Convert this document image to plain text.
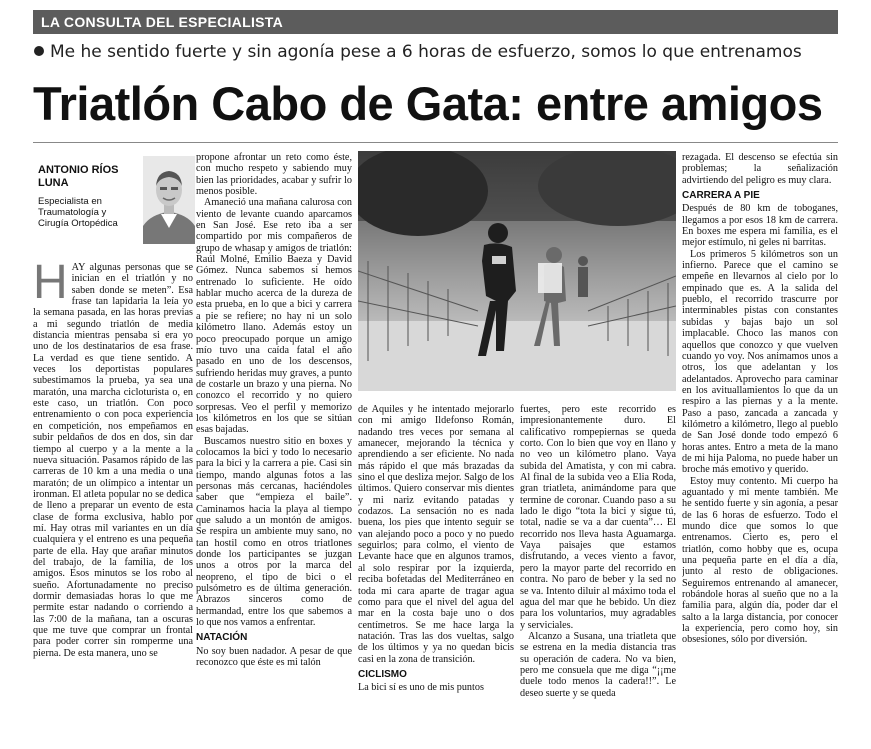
LA CONSULTA DEL ESPECIALISTA
Me he sentido fuerte y sin agonía pese a 6 horas de esfuerzo, somos lo que entrenamos
Triatlón Cabo de Gata: entre amigos
ANTONIO RÍOS LUNA
Especialista en Traumatología y Cirugía Ortopédica
H AY algunas personas que se inician en el triatlón y no saben donde se meten”. Esa frase tan lapidaria la leía yo la semana pasada, en las horas previas a mi segundo triatlón de media distancia mientras pensaba si era yo uno de los destinatarios de esa frase. La verdad es que tiene sentido. A veces los deportistas populares subestimamos la prueba, ya sea una maratón, una marcha cicloturista o, en este caso, un triatlón. Con poco entrenamiento o con poca experiencia en competición, nos empeñamos en subir peldaños de dos en dos, sin dar tiempo al cuerpo y a la mente a la nueva situación. Pasamos rápido de las carreras de 10 km a una media o una maratón; de un olímpico a intentar un ironman. El atleta popular no se dedica de lleno a preparar un evento de esta clase de forma exclusiva, hablo por mí. Hay otras mil variantes en un día cualquiera y el entreno es una pequeña parte de ella. Hay que arañar minutos del trabajo, de la familia, de los amigos. Esos minutos se los robo al sueño. Afortunadamente no preciso dormir demasiadas horas lo que me permite estar nadando o corriendo a las 7:00 de la mañana, tan a oscuras que me tuve que comprar un frontal para poder correr sin romperme una pierna. De esta manera, uno se

propone afrontar un reto como éste, con mucho respeto y sabiendo muy bien las prioridades, acabar y sufrir lo menos posible.

Amaneció una mañana calurosa con viento de levante cuando aparcamos en San José. Ese reto iba a ser compartido por mis compañeros de grupo de whasap y amigos de triatlón: Raúl Molné, Emilio Baeza y David Gómez. Nunca sabemos si hemos entrenado lo suficiente. He oído hablar mucho acerca de la dureza de esta prueba, en lo que a bici y carrera a pie se refiere; no hay ni un solo kilómetro llano. Además estoy un poco preocupado porque un amigo mío tuvo una caída fatal el año pasado en uno de los descensos, sufriendo heridas muy graves, a punto de costarle un brazo y una pierna. No conozco el recorrido y no quiero sorpresas. Veo el perfil y memorizo los kilómetros en los que se sitúan esas bajadas.

Buscamos nuestro sitio en boxes y colocamos la bici y todo lo necesario para la bici y la carrera a pie. Casi sin tiempo, mando algunas fotos a las personas más cercanas, haciéndoles saber que “empieza el baile”. Caminamos hacia la playa al tiempo que saludo a un montón de amigos. Se respira un ambiente muy sano, no tan hostil como en otros triatlones donde los participantes se juzgan unos a otros por la marca del neopreno, el tipo de bici o el pulsómetro es de última generación. Abrazos sinceros como de hermandad, entre los que sabemos a lo que nos vamos a enfrentar.

NATACIÓN

No soy buen nadador. A pesar de que reconozco que éste es mi talón

de Aquiles y he intentado mejorarlo con mi amigo Ildefonso Román, nadando tres veces por semana al amanecer, mejorando la técnica y aprendiendo a ser eficiente. No nada más rápido el que más brazadas da sino el que desliza mejor. Salgo de los últimos. Quiero conservar mis dientes y mi nariz evitando patadas y codazos. La sensación no es nada buena, los pies que intento seguir se van alejando poco a poco y no puedo seguirlos; para colmo, el viento de Levante hace que en algunos tramos, al solo respirar por la izquierda, reciba bofetadas del Mediterráneo en toda mi cara aparte de tragar agua como para que el nivel del agua del mar en la costa baje uno o dos centímetros. Se me hace larga la natación. Tras las dos vueltas, salgo de los últimos y ya no quedan bicis casi en la zona de transición.

CICLISMO

La bici sí es uno de mis puntos

fuertes, pero este recorrido es impresionantemente duro. El calificativo rompepiernas se queda corto. Con lo bien que voy en llano y no veo un kilómetro plano. Vaya subida del Amatista, y con mi cabra. Al final de la subida veo a Elia Roda, gran triatleta, animándome para que termine de coronar. Cuando paso a su lado le digo “tota la bici y sigue tú, total, nadie se va a dar cuenta”… El recorrido nos lleva hasta Aguamarga. Vaya paisajes que estamos disfrutando, a veces viento a favor, pero la mayor parte del recorrido en contra. No paro de beber y la sed no se va. Intento diluir al máximo toda el agua del mar que he bebido. Un diez para los voluntarios, muy agradables y serviciales.

Alcanzo a Susana, una triatleta que se estrena en la media distancia tras su operación de cadera. No va bien, pero me consuela que me diga “¡¡me duele todo menos la cadera!!”. Le deseo suerte y se queda

rezagada. El descenso se efectúa sin problemas; la señalización advirtiendo del peligro es muy clara.

CARRERA A PIE

Después de 80 km de toboganes, llegamos a por esos 18 km de carrera. En boxes me espera mi familia, es el mejor estímulo, ni geles ni barritas.

Los primeros 5 kilómetros son un infierno. Parece que el camino se empeñe en llevarnos al cielo por lo empinado que es. A la salida del pueblo, el recorrido trascurre por interminables pistas con constantes subidas y bajas bajo un sol implacable. Choco las manos con aquellos que conozco y que vuelven cuando yo voy. Nos animamos unos a otros, los que adelantan y los adelantados. Aprovecho para caminar en los avituallamientos lo que da un respiro a las piernas y a la mente. Paso a paso, zancada a zancada y kilómetro a kilómetro, llego al pueblo de San José donde todo empezó 6 horas antes. Entro a meta de la mano de mi hija Paloma, no puede haber un broche más emotivo y querido.

Estoy muy contento. Mi cuerpo ha aguantado y mi mente también. Me he sentido fuerte y sin agonía, a pesar de las 6 horas de esfuerzo. Todo el mundo dice que somos lo que entrenamos. Cierto es, pero el triatlón, como hobby que es, ocupa una pequeña parte en el día a día, junto al resto de obligaciones. Seguiremos entrenando al amanecer, robándole horas al sueño que no a la familia para, algún día, poder dar el salto a la larga distancia, por conocer la experiencia, pero como hoy, sin obsesiones, sólo por diversión.
